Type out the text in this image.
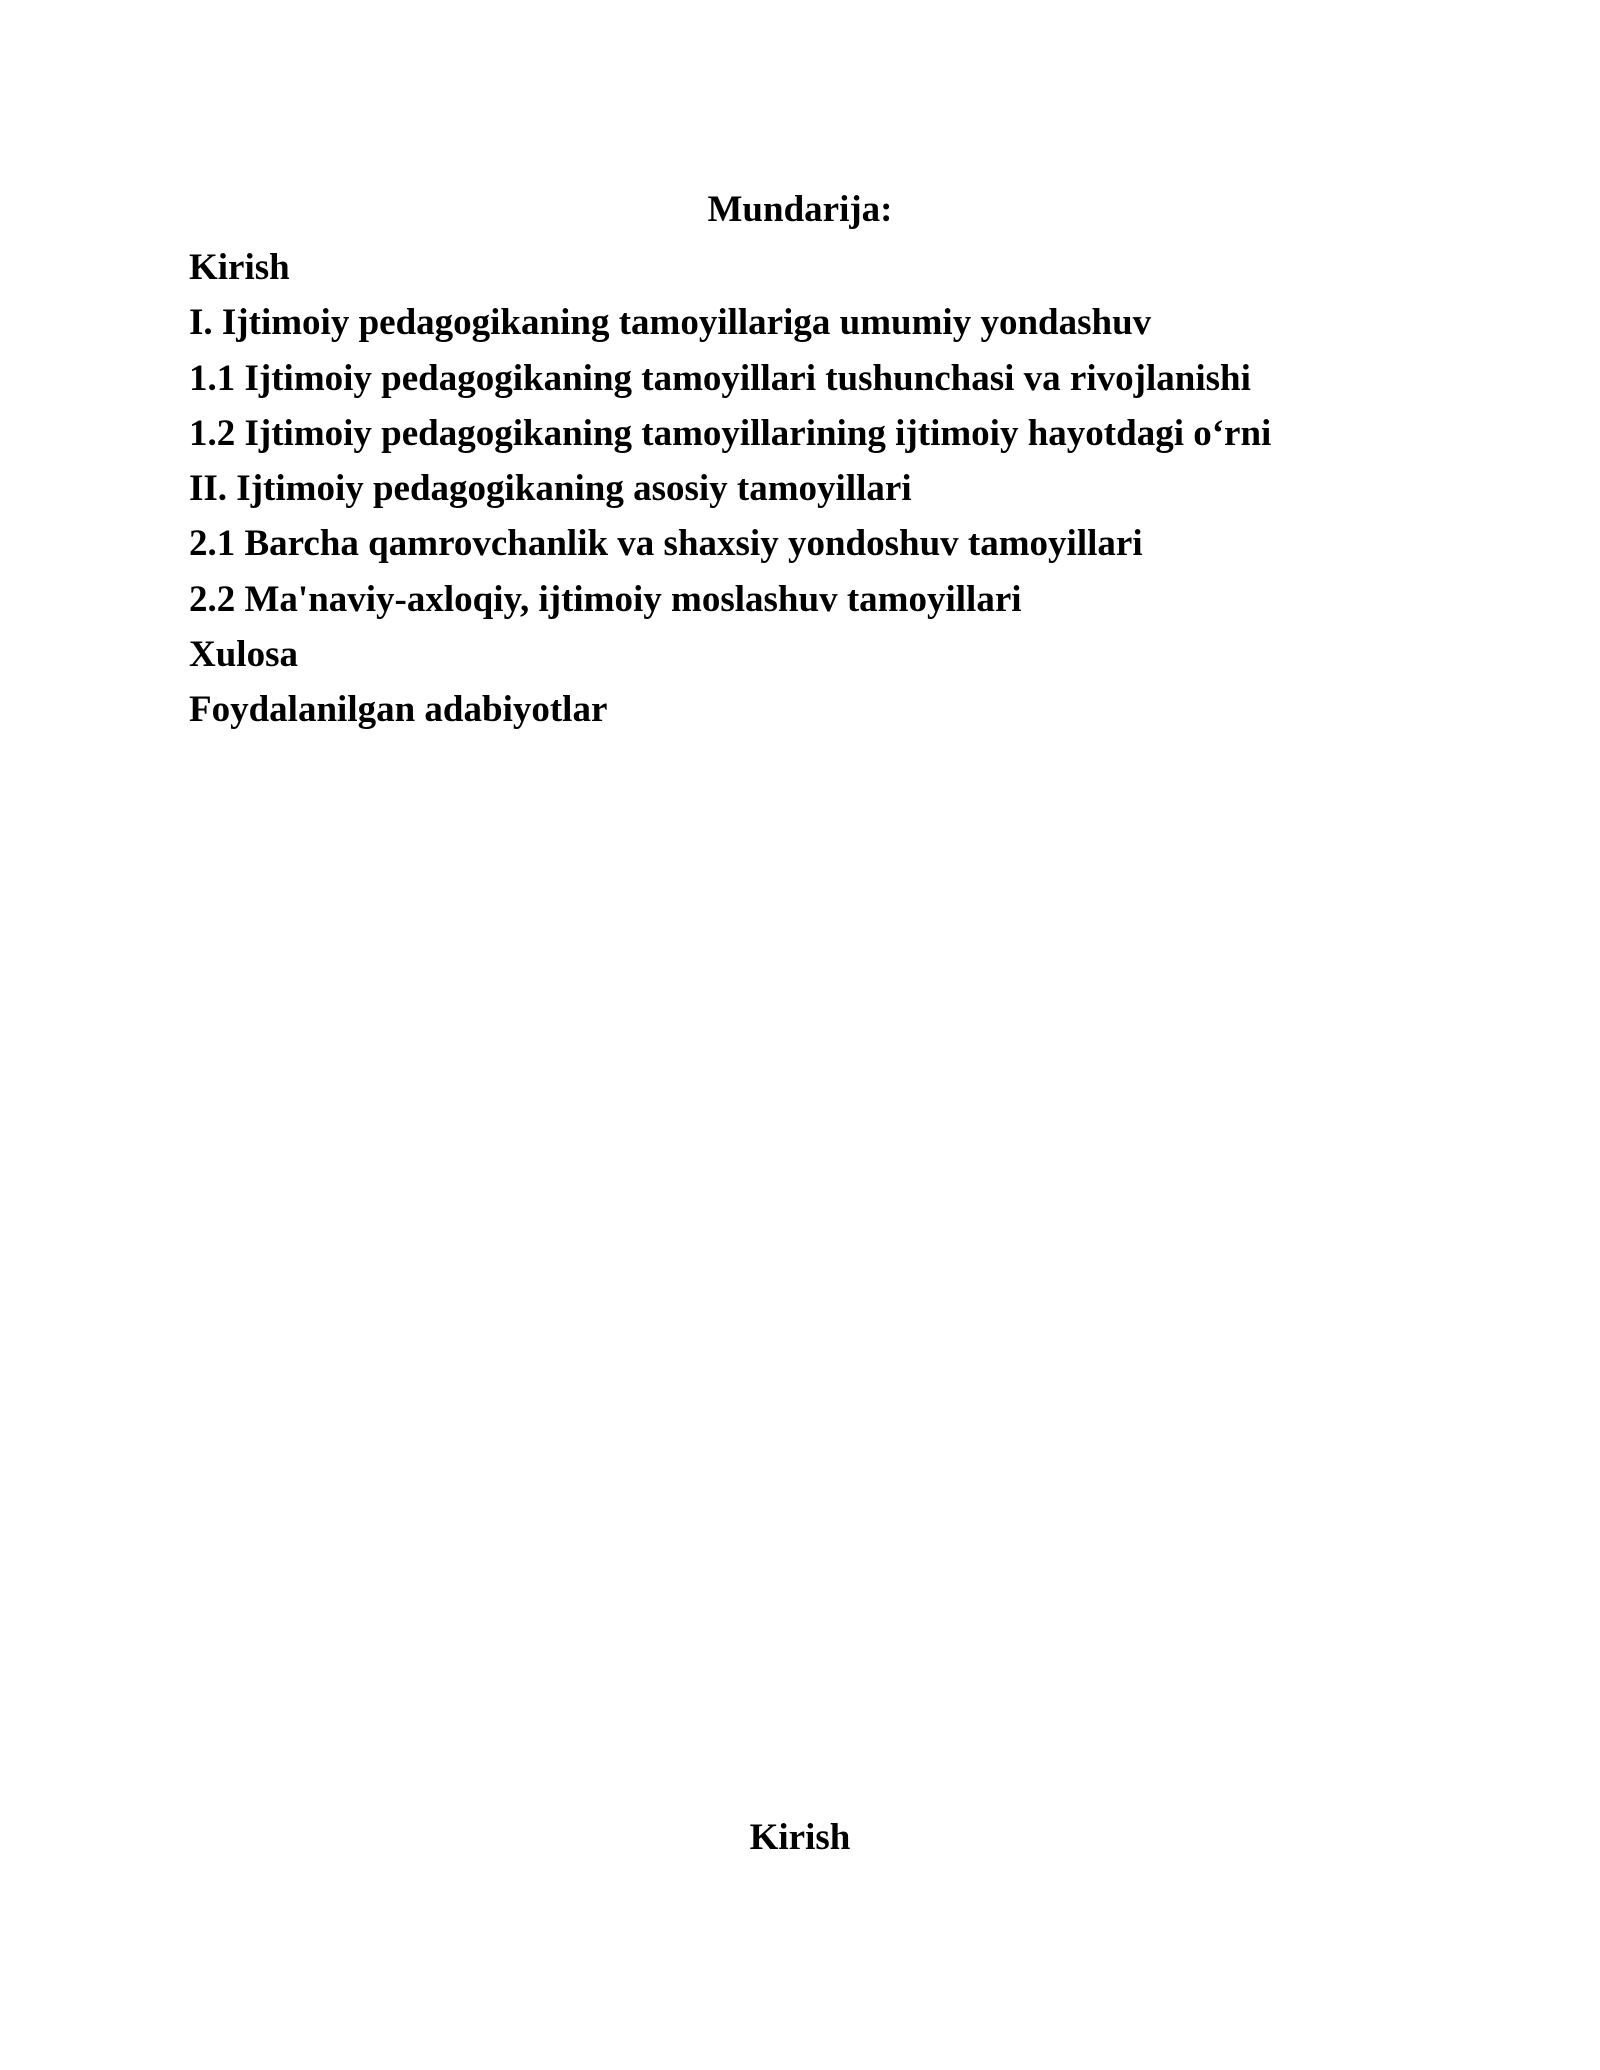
Mundarija:
Kirish
I. Ijtimoiy pedagogikaning tamoyillariga umumiy yondashuv
1.1 Ijtimoiy pedagogikaning tamoyillari tushunchasi va rivojlanishi
1.2 Ijtimoiy pedagogikaning tamoyillarining ijtimoiy hayotdagi o‘rni
II. Ijtimoiy pedagogikaning asosiy tamoyillari
2.1 Barcha qamrovchanlik va shaxsiy yondoshuv tamoyillari
2.2 Ma'naviy-axloqiy, ijtimoiy moslashuv tamoyillari
Xulosa
Foydalanilgan adabiyotlar
Kirish
